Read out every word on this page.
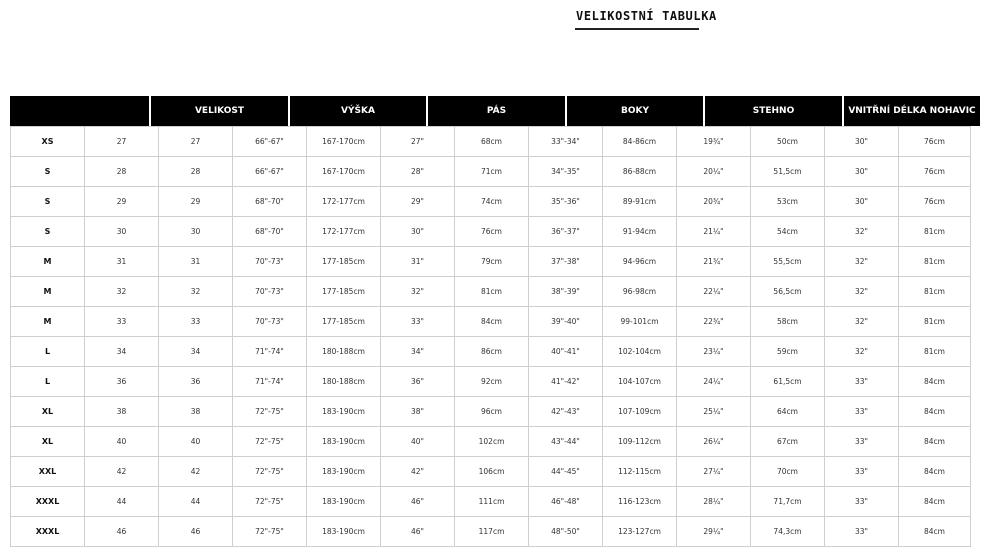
VELIKOSTNÍ TABULKA
VELIKOST	VÝŠKA	PÁS	BOKY	STEHNO	VNITŘNÍ DÉLKA NOHAVIC
XS	27	27	66"-67"	167-170cm	27"	68cm	33"-34"	84-86cm	19¾"	50cm	30"	76cm
S	28	28	66"-67"	167-170cm	28"	71cm	34"-35"	86-88cm	20¼"	51,5cm	30"	76cm
S	29	29	68"-70"	172-177cm	29"	74cm	35"-36"	89-91cm	20¾"	53cm	30"	76cm
S	30	30	68"-70"	172-177cm	30"	76cm	36"-37"	91-94cm	21¼"	54cm	32"	81cm
M	31	31	70"-73"	177-185cm	31"	79cm	37"-38"	94-96cm	21¾"	55,5cm	32"	81cm
M	32	32	70"-73"	177-185cm	32"	81cm	38"-39"	96-98cm	22¼"	56,5cm	32"	81cm
M	33	33	70"-73"	177-185cm	33"	84cm	39"-40"	99-101cm	22¾"	58cm	32"	81cm
L	34	34	71"-74"	180-188cm	34"	86cm	40"-41"	102-104cm	23¼"	59cm	32"	81cm
L	36	36	71"-74"	180-188cm	36"	92cm	41"-42"	104-107cm	24¼"	61,5cm	33"	84cm
XL	38	38	72"-75"	183-190cm	38"	96cm	42"-43"	107-109cm	25¼"	64cm	33"	84cm
XL	40	40	72"-75"	183-190cm	40"	102cm	43"-44"	109-112cm	26¼"	67cm	33"	84cm
XXL	42	42	72"-75"	183-190cm	42"	106cm	44"-45"	112-115cm	27¼"	70cm	33"	84cm
XXXL	44	44	72"-75"	183-190cm	46"	111cm	46"-48"	116-123cm	28¼"	71,7cm	33"	84cm
XXXL	46	46	72"-75"	183-190cm	46"	117cm	48"-50"	123-127cm	29¼"	74,3cm	33"	84cm
